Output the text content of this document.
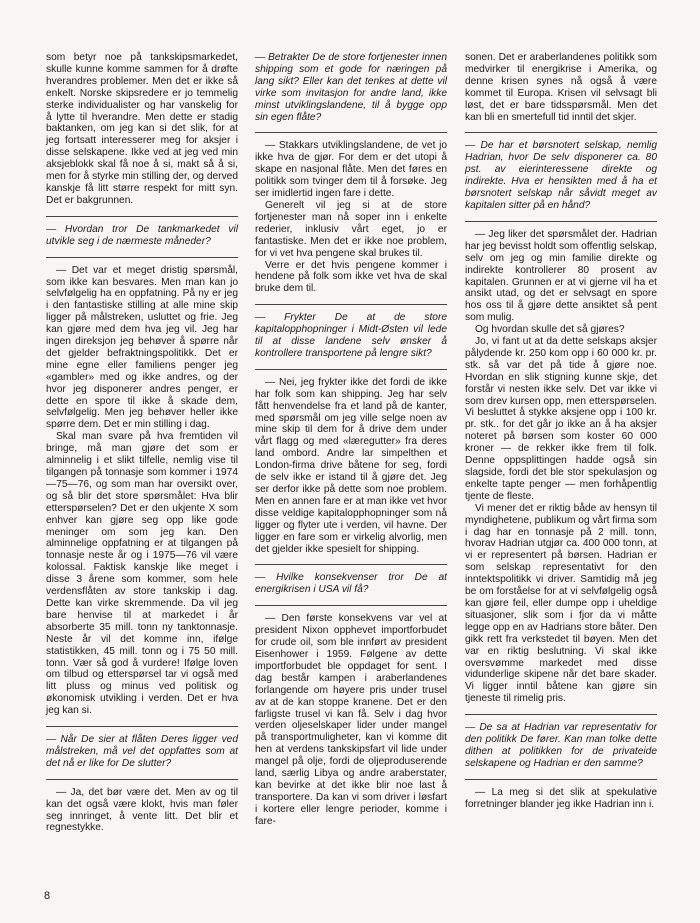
som betyr noe på tankskipsmarkedet, skulle kunne komme sammen for å drøfte hverandres problemer. Men det er ikke så enkelt. Norske skipsredere er jo temmelig sterke individualister og har vanskelig for å lytte til hverandre. Men dette er stadig baktanken, om jeg kan si det slik, for at jeg fortsatt interesserer meg for aksjer i disse selskapene. Ikke ved at jeg ved min aksjeblokk skal få noe å si, makt så å si, men for å styrke min stilling der, og derved kanskje få litt større respekt for mitt syn. Det er bakgrunnen.

— Hvordan tror De tankmarkedet vil utvikle seg i de nærmeste måneder?

— Det var et meget dristig spørsmål, som ikke kan besvares. Men man kan jo selvfølgelig ha en oppfatning. På ny er jeg i den fantastiske stilling at alle mine skip ligger på målstreken, usluttet og frie. Jeg kan gjøre med dem hva jeg vil. Jeg har ingen direksjon jeg behøver å spørre når det gjelder befraktningspolitikk. Det er mine egne eller familiens penger jeg «gambler» med og ikke andres, og der hvor jeg disponerer andres penger, er dette en spore til ikke å skade dem, selvfølgelig. Men jeg behøver heller ikke spørre dem. Det er min stilling i dag.

Skal man svare på hva fremtiden vil bringe, må man gjøre det som er alminnelig i et slikt tilfelle, nemlig vise til tilgangen på tonnasje som kommer i 1974—75—76, og som man har oversikt over, og så blir det store spørsmålet: Hva blir etterspørselen? Det er den ukjente X som enhver kan gjøre seg opp like gode meninger om som jeg kan. Den alminnelige oppfatning er at tilgangen på tonnasje neste år og i 1975—76 vil være kolossal. Faktisk kanskje like meget i disse 3 årene som kommer, som hele verdensflåten av store tankskip i dag. Dette kan virke skremmende. Da vil jeg bare henvise til at markedet i år absorberte 35 mill. tonn ny tanktonnasje. Neste år vil det komme inn, ifølge statistikken, 45 mill. tonn og i 75 50 mill. tonn. Vær så god å vurdere! Ifølge loven om tilbud og etterspørsel tar vi også med litt pluss og minus ved politisk og økonomisk utvikling i verden. Det er hva jeg kan si.

— Når De sier at flåten Deres ligger ved målstreken, må vel det oppfattes som at det nå er like for De slutter?

— Ja, det bør være det. Men av og til kan det også være klokt, hvis man føler seg innringet, å vente litt. Det blir et regnestykke.

— Betrakter De de store fortjenester innen shipping som et gode for næringen på lang sikt? Eller kan det tenkes at dette vil virke som invitasjon for andre land, ikke minst utviklingslandene, til å bygge opp sin egen flåte?

— Stakkars utviklingslandene, de vet jo ikke hva de gjør. For dem er det utopi å skape en nasjonal flåte. Men det føres en politikk som tvinger dem til å forsøke. Jeg ser imidlertid ingen fare i dette.

Generelt vil jeg si at de store fortjenester man nå soper inn i enkelte rederier, inklusiv vårt eget, jo er fantastiske. Men det er ikke noe problem, for vi vet hva pengene skal brukes til.

Verre er det hvis pengene kommer i hendene på folk som ikke vet hva de skal bruke dem til.

— Frykter De at de store kapitalopphopninger i Midt-Østen vil lede til at disse landene selv ønsker å kontrollere transportene på lengre sikt?

— Nei, jeg frykter ikke det fordi de ikke har folk som kan shipping. Jeg har selv fått henvendelse fra et land på de kanter, med spørsmål om jeg ville selge noen av mine skip til dem for å drive dem under vårt flagg og med «læregutter» fra deres land ombord. Andre lar simpelthen et London-firma drive båtene for seg, fordi de selv ikke er istand til å gjøre det. Jeg ser derfor ikke på dette som noe problem. Men en annen fare er at man ikke vet hvor disse veldige kapitalopphopninger som nå ligger og flyter ute i verden, vil havne. Der ligger en fare som er virkelig alvorlig, men det gjelder ikke spesielt for shipping.

— Hvilke konsekvenser tror De at energikrisen i USA vil få?

— Den første konsekvens var vel at president Nixon opphevet importforbudet for crude oil, som ble innført av president Eisenhower i 1959. Følgene av dette importforbudet ble oppdaget for sent. I dag består kampen i araberlandenes forlangende om høyere pris under trusel av at de kan stoppe kranene. Det er den farligste trusel vi kan få. Selv i dag hvor verden oljeselskaper lider under mangel på transportmuligheter, kan vi komme dit hen at verdens tankskipsfart vil lide under mangel på olje, fordi de oljeproduserende land, særlig Libya og andre araberstater, kan bevirke at det ikke blir noe last å transportere. Da kan vi som driver i løsfart i kortere eller lengre perioder, komme i fare-

sonen. Det er araberlandenes politikk som medvirker til energikrise i Amerika, og denne krisen synes nå også å være kommet til Europa. Krisen vil selvsagt bli løst, det er bare tidsspørsmål. Men det kan bli en smertefull tid inntil det skjer.

— De har et børsnotert selskap, nemlig Hadrian, hvor De selv disponerer ca. 80 pst. av eierinteressene direkte og indirekte. Hva er hensikten med å ha et børsnotert selskap når såvidt meget av kapitalen sitter på en hånd?

— Jeg liker det spørsmålet der. Hadrian har jeg bevisst holdt som offentlig selskap, selv om jeg og min familie direkte og indirekte kontrollerer 80 prosent av kapitalen. Grunnen er at vi gjerne vil ha et ansikt utad, og det er selvsagt en spore hos oss til å gjøre dette ansiktet så pent som mulig.

Og hvordan skulle det så gjøres?

Jo, vi fant ut at da dette selskaps aksjer pålydende kr. 250 kom opp i 60 000 kr. pr. stk. så var det på tide å gjøre noe. Hvordan en slik stigning kunne skje, det forstår vi nesten ikke selv. Det var ikke vi som drev kursen opp, men etterspørselen. Vi besluttet å stykke aksjene opp i 100 kr. pr. stk.. for det går jo ikke an å ha aksjer noteret på børsen som koster 60 000 kroner — de rekker ikke frem til folk. Denne oppsplittingen hadde også sin slagside, fordi det ble stor spekulasjon og enkelte tapte penger — men forhåpentlig tjente de fleste.

Vi mener det er riktig både av hensyn til myndighetene, publikum og vårt firma som i dag har en tonnasje på 2 mill. tonn, hvorav Hadrian utgjør ca. 400 000 tonn, at vi er representert på børsen. Hadrian er som selskap representativt for den inntektspolitikk vi driver. Samtidig må jeg be om forståelse for at vi selvfølgelig også kan gjøre feil, eller dumpe opp i uheldige situasjoner, slik som i fjor da vi måtte legge opp en av Hadrians store båter. Den gikk rett fra verkstedet til bøyen. Men det var en riktig beslutning. Vi skal ikke oversvømme markedet med disse vidunderlige skipene når det bare skader. Vi ligger inntil båtene kan gjøre sin tjeneste til rimelig pris.

— De sa at Hadrian var representativ for den politikk De fører. Kan man tolke dette dithen at politikken for de privateide selskapene og Hadrian er den samme?

— La meg si det slik at spekulative forretninger blander jeg ikke Hadrian inn i.

8
